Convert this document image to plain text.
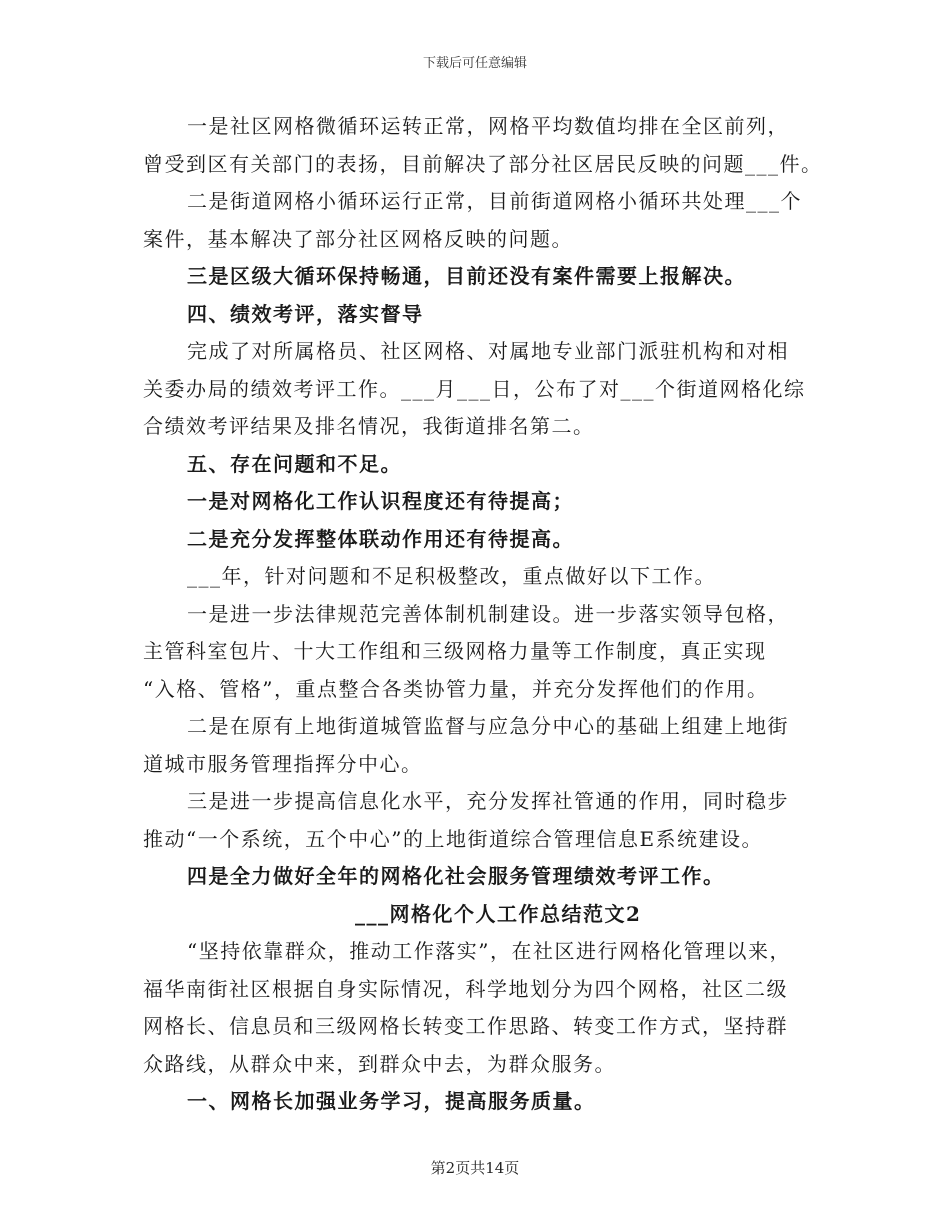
下载后可任意编辑
一是社区网格微循环运转正常，网格平均数值均排在全区前列，
曾受到区有关部门的表扬，目前解决了部分社区居民反映的问题___件。
二是街道网格小循环运行正常，目前街道网格小循环共处理___个
案件，基本解决了部分社区网格反映的问题。
三是区级大循环保持畅通，目前还没有案件需要上报解决。
四、绩效考评，落实督导
完成了对所属格员、社区网格、对属地专业部门派驻机构和对相
关委办局的绩效考评工作。___月___日，公布了对___个街道网格化综
合绩效考评结果及排名情况，我街道排名第二。
五、存在问题和不足。
一是对网格化工作认识程度还有待提高；
二是充分发挥整体联动作用还有待提高。
___年，针对问题和不足积极整改，重点做好以下工作。
一是进一步法律规范完善体制机制建设。进一步落实领导包格，
主管科室包片、十大工作组和三级网格力量等工作制度，真正实现
“入格、管格”，重点整合各类协管力量，并充分发挥他们的作用。
二是在原有上地街道城管监督与应急分中心的基础上组建上地街
道城市服务管理指挥分中心。
三是进一步提高信息化水平，充分发挥社管通的作用，同时稳步
推动“一个系统，五个中心”的上地街道综合管理信息E系统建设。
四是全力做好全年的网格化社会服务管理绩效考评工作。
___网格化个人工作总结范文2
“坚持依靠群众，推动工作落实”，在社区进行网格化管理以来，
福华南街社区根据自身实际情况，科学地划分为四个网格，社区二级
网格长、信息员和三级网格长转变工作思路、转变工作方式，坚持群
众路线，从群众中来，到群众中去，为群众服务。
一、网格长加强业务学习，提高服务质量。
第2页共14页
